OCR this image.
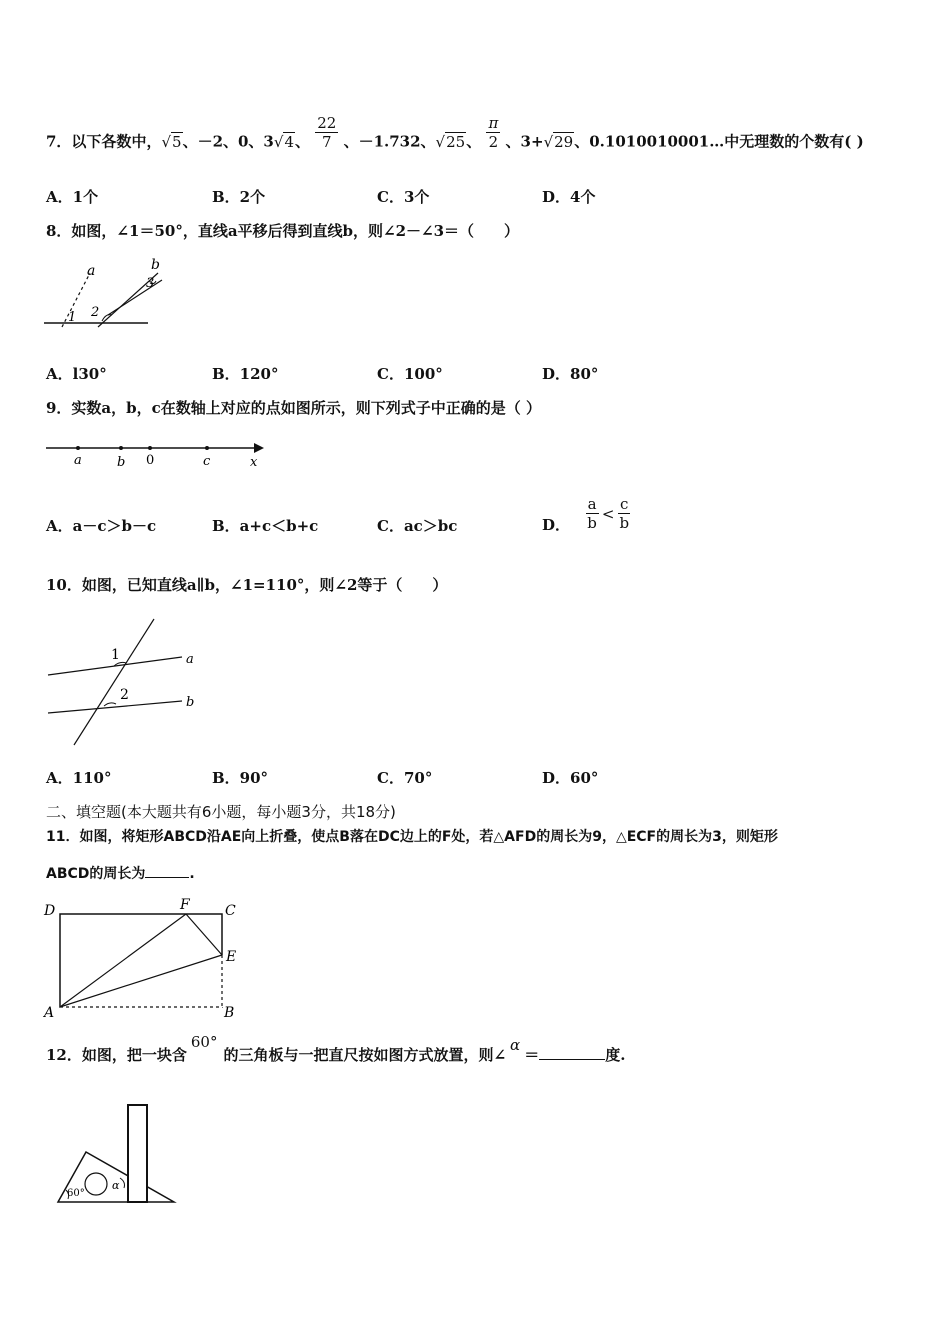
7．以下各数中，√5、－2、0、3√4、 $\frac{22}{7}$ 、－1.732、√25、 $\frac{\pi}{2}$ 、3+√29、0.1010010001…中无理数的个数有( )
A．1个	B．2个	C．3个	D．4个
8．如图，∠1＝50°，直线a平移后得到直线b，则∠2－∠3＝（　　）
a	b
1 2
3
A．l30°	B．120°	C．100°	D．80°
9．实数a，b，c在数轴上对应的点如图所示，则下列式子中正确的是（ ）
a	b 0	c	x
A．a－c＞b－c	B．a+c＜b+c	C．ac＞bc	D． $\frac{a}{b} < \frac{c}{b}$
10．如图，已知直线a∥b，∠1=110°，则∠2等于（　　）
1
2
a
b
A．110°	B．90°	C．70°	D．60°
二、填空题(本大题共有6小题，每小题3分，共18分)
11．如图，将矩形ABCD沿AE向上折叠，使点B落在DC边上的F处，若△AFD的周长为9，△ECF的周长为3，则矩形
ABCD的周长为	.
D	F	C
E
A	B
12．如图，把一块含60°的三角板与一把直尺按如图方式放置，则∠α＝	度.
60°
α
